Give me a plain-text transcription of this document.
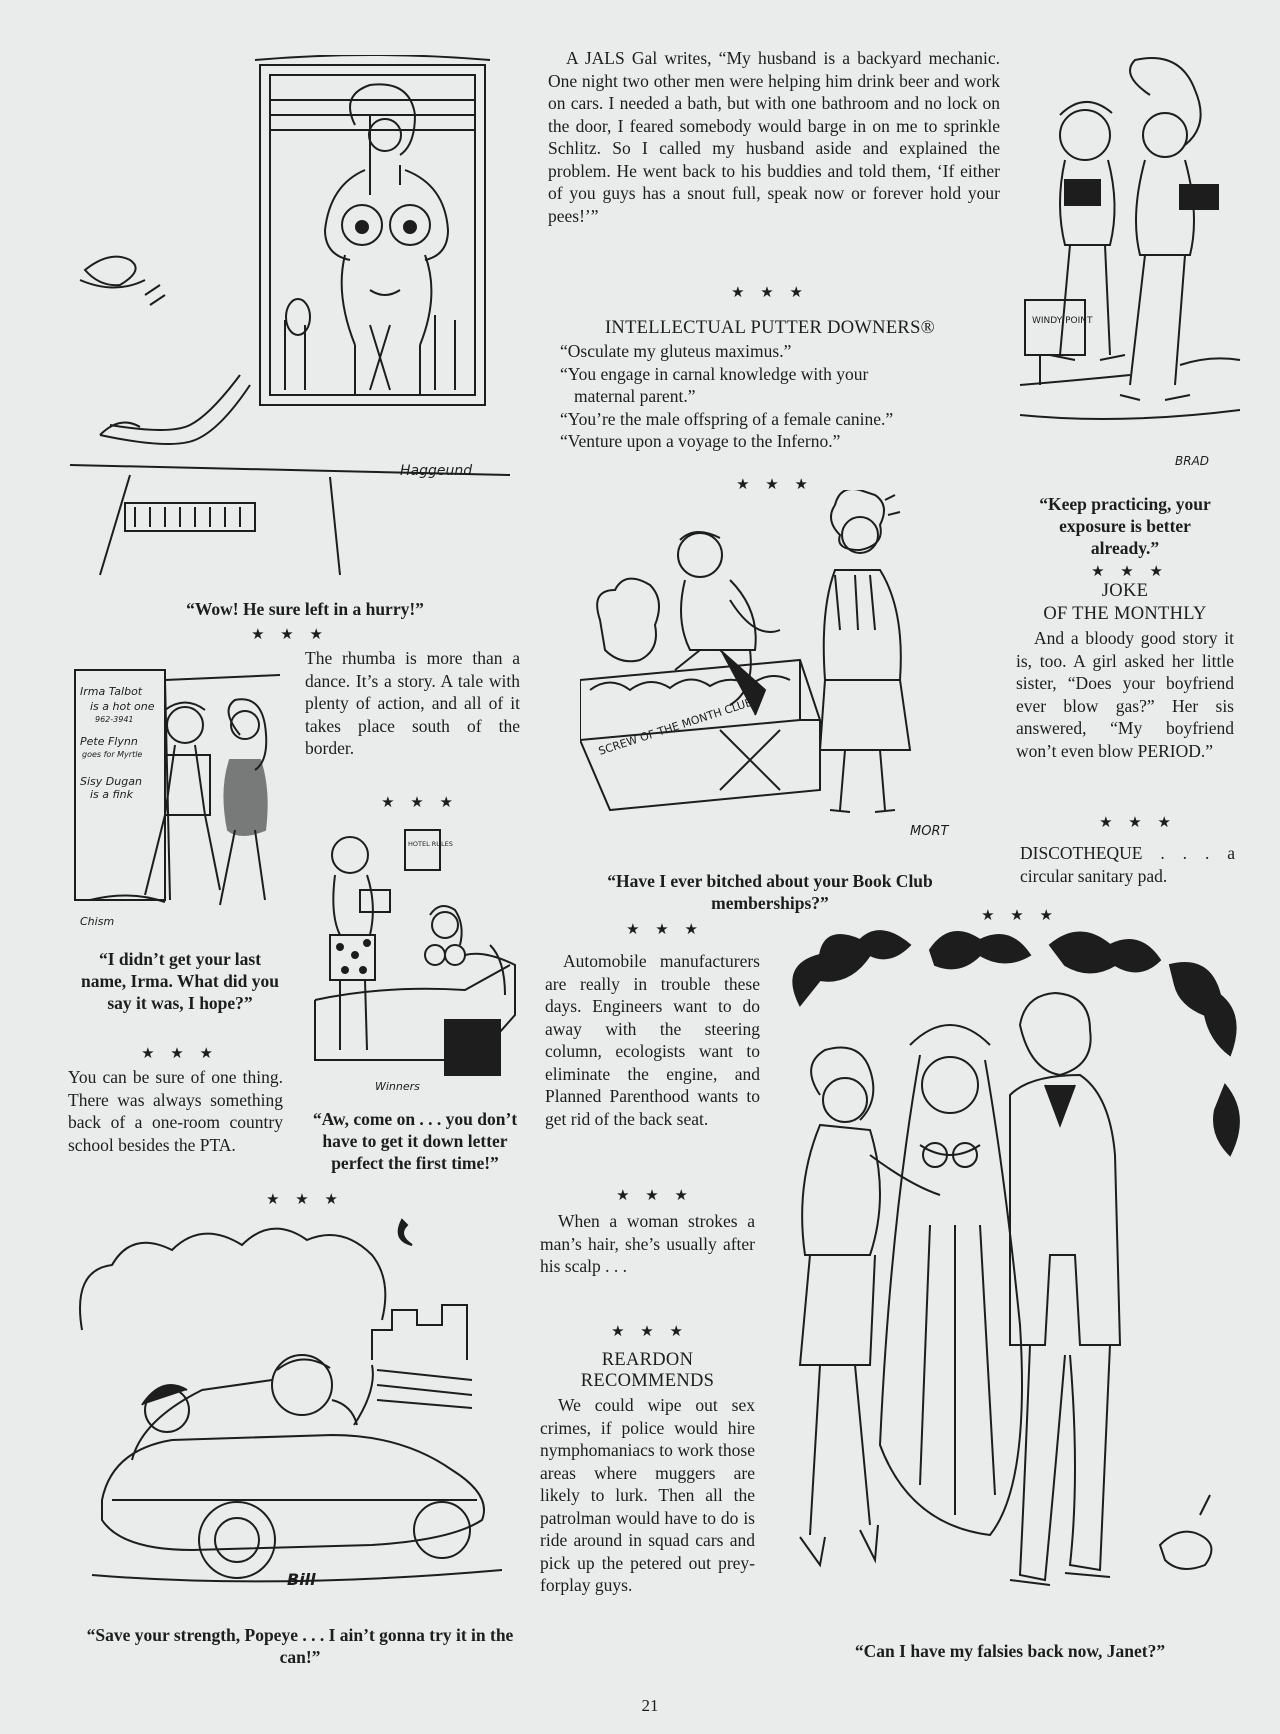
Haggeund
“Wow! He sure left in a hurry!”
★ ★ ★
Irma Talbot
is a hot one
962-3941
Pete Flynn
goes for Myrtle
Sisy Dugan
is a fink
Chism
The rhumba is more than a dance. It’s a story. A tale with plenty of action, and all of it takes place south of the border.
★ ★ ★
HOTEL RULES
Winners
“I didn’t get your last name, Irma. What did you say it was, I hope?”
★ ★ ★
You can be sure of one thing. There was always something back of a one-room country school besides the PTA.
“Aw, come on . . . you don’t have to get it down letter perfect the first time!”
★ ★ ★
Bill
“Save your strength, Popeye . . . I ain’t gonna try it in the can!”
A JALS Gal writes, “My husband is a backyard mechanic. One night two other men were helping him drink beer and work on cars. I needed a bath, but with one bathroom and no lock on the door, I feared somebody would barge in on me to sprinkle Schlitz. So I called my husband aside and explained the problem. He went back to his buddies and told them, ‘If either of you guys has a snout full, speak now or forever hold your pees!’”
★ ★ ★
INTELLECTUAL PUTTER DOWNERS®
“Osculate my gluteus maximus.”
“You engage in carnal knowledge with your
maternal parent.”
“You’re the male offspring of a female canine.”
“Venture upon a voyage to the Inferno.”
★ ★ ★
SCREW OF THE MONTH CLUB
MORT
“Have I ever bitched about your Book Club memberships?”
★ ★ ★
Automobile manufacturers are really in trouble these days. Engineers want to do away with the steering column, ecologists want to eliminate the engine, and Planned Parenthood wants to get rid of the back seat.
★ ★ ★
When a woman strokes a man’s hair, she’s usually after his scalp . . .
★ ★ ★
REARDON
RECOMMENDS
We could wipe out sex crimes, if police would hire nymphomaniacs to work those areas where muggers are likely to lurk. Then all the patrolman would have to do is ride around in squad cars and pick up the petered out prey-forplay guys.
WINDY POINT
BRAD
“Keep practicing, your exposure is better already.”
★ ★ ★
JOKE
OF THE MONTHLY
And a bloody good story it is, too. A girl asked her little sister, “Does your boyfriend ever blow gas?” Her sis answered, “My boyfriend won’t even blow PERIOD.”
★ ★ ★
DISCOTHEQUE . . . a circular sanitary pad.
★ ★ ★
“Can I have my falsies back now, Janet?”
21
